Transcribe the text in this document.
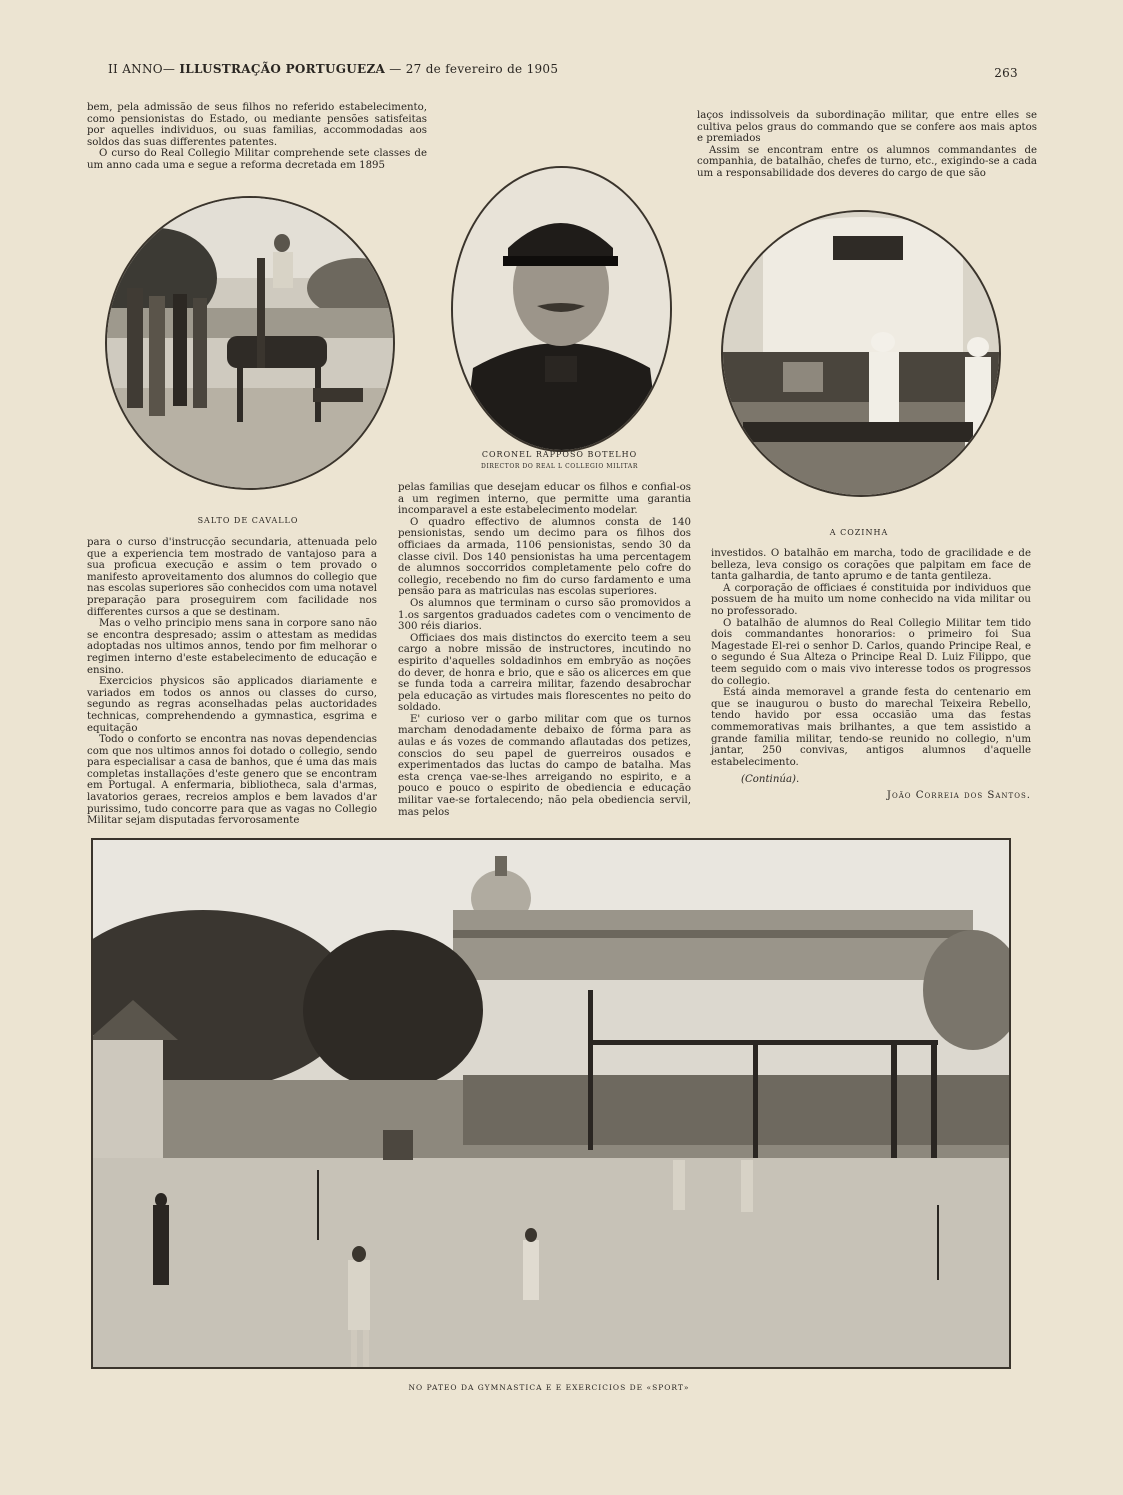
II ANNO— ILLUSTRAÇÃO PORTUGUEZA — 27 de fevereiro de 1905	263

bem, pela admissão de seus filhos no referido estabelecimento, como pensionistas do Estado, ou mediante pensões satisfeitas por aquelles individuos, ou suas familias, accommodadas aos soldos das suas differentes patentes.

O curso do Real Collegio Militar comprehende sete classes de um anno cada uma e segue a reforma decretada em 1895

laços indissolveis da subordinação militar, que entre elles se cultiva pelos graus do commando que se confere aos mais aptos e premiados

Assim se encontram entre os alumnos commandantes de companhia, de batalhão, chefes de turno, etc., exigindo-se a cada um a responsabilidade dos deveres do cargo de que são

CORONEL RAPPOSO BOTELHO
DIRECTOR DO REAL L COLLEGIO MILITAR
SALTO DE CAVALLO
A COZINHA

para o curso d'instrucção secundaria, attenuada pelo que a experiencia tem mostrado de vantajoso para a sua proficua execução e assim o tem provado o manifesto aproveitamento dos alumnos do collegio que nas escolas superiores são conhecidos com uma notavel preparação para proseguirem com facilidade nos differentes cursos a que se destinam.

Mas o velho principio mens sana in corpore sano não se encontra despresado; assim o attestam as medidas adoptadas nos ultimos annos, tendo por fim melhorar o regimen interno d'este estabelecimento de educação e ensino.

Exercicios physicos são applicados diariamente e variados em todos os annos ou classes do curso, segundo as regras aconselhadas pelas auctoridades technicas, comprehendendo a gymnastica, esgrima e equitação

Todo o conforto se encontra nas novas dependencias com que nos ultimos annos foi dotado o collegio, sendo para especialisar a casa de banhos, que é uma das mais completas installações d'este genero que se encontram em Portugal. A enfermaria, bibliotheca, sala d'armas, lavatorios geraes, recreios amplos e bem lavados d'ar purissimo, tudo concorre para que as vagas no Collegio Militar sejam disputadas fervorosamente

pelas familias que desejam educar os filhos e confial-os a um regimen interno, que permitte uma garantia incomparavel a este estabelecimento modelar.

O quadro effectivo de alumnos consta de 140 pensionistas, sendo um decimo para os filhos dos officiaes da armada, 1106 pensionistas, sendo 30 da classe civil. Dos 140 pensionistas ha uma percentagem de alumnos soccorridos completamente pelo cofre do collegio, recebendo no fim do curso fardamento e uma pensão para as matriculas nas escolas superiores.

Os alumnos que terminam o curso são promovidos a 1.os sargentos graduados cadetes com o vencimento de 300 réis diarios.

Officiaes dos mais distinctos do exercito teem a seu cargo a nobre missão de instructores, incutindo no espirito d'aquelles soldadinhos em embryão as noções do dever, de honra e brio, que e são os alicerces em que se funda toda a carreira militar, fazendo desabrochar pela educação as virtudes mais florescentes no peito do soldado.

E' curioso ver o garbo militar com que os turnos marcham denodadamente debaixo de fórma para as aulas e ás vozes de commando aflautadas dos petizes, conscios do seu papel de guerreiros ousados e experimentados das luctas do campo de batalha. Mas esta crença vae-se-lhes arreigando no espirito, e a pouco e pouco o espirito de obediencia e educação militar vae-se fortalecendo; não pela obediencia servil, mas pelos

investidos. O batalhão em marcha, todo de gracilidade e de belleza, leva consigo os corações que palpitam em face de tanta galhardia, de tanto aprumo e de tanta gentileza.

A corporação de officiaes é constituida por individuos que possuem de ha muito um nome conhecido na vida militar ou no professorado.

O batalhão de alumnos do Real Collegio Militar tem tido dois commandantes honorarios: o primeiro foi Sua Magestade El-rei o senhor D. Carlos, quando Principe Real, e o segundo é Sua Alteza o Principe Real D. Luiz Filippo, que teem seguido com o mais vivo interesse todos os progressos do collegio.

Está ainda memoravel a grande festa do centenario em que se inaugurou o busto do marechal Teixeira Rebello, tendo havido por essa occasião uma das festas commemorativas mais brilhantes, a que tem assistido a grande familia militar, tendo-se reunido no collegio, n'um jantar, 250 convivas, antigos alumnos d'aquelle estabelecimento.

(Continúa).

João Correia dos Santos.

NO PATEO DA GYMNASTICA E E EXERCICIOS DE «SPORT»
